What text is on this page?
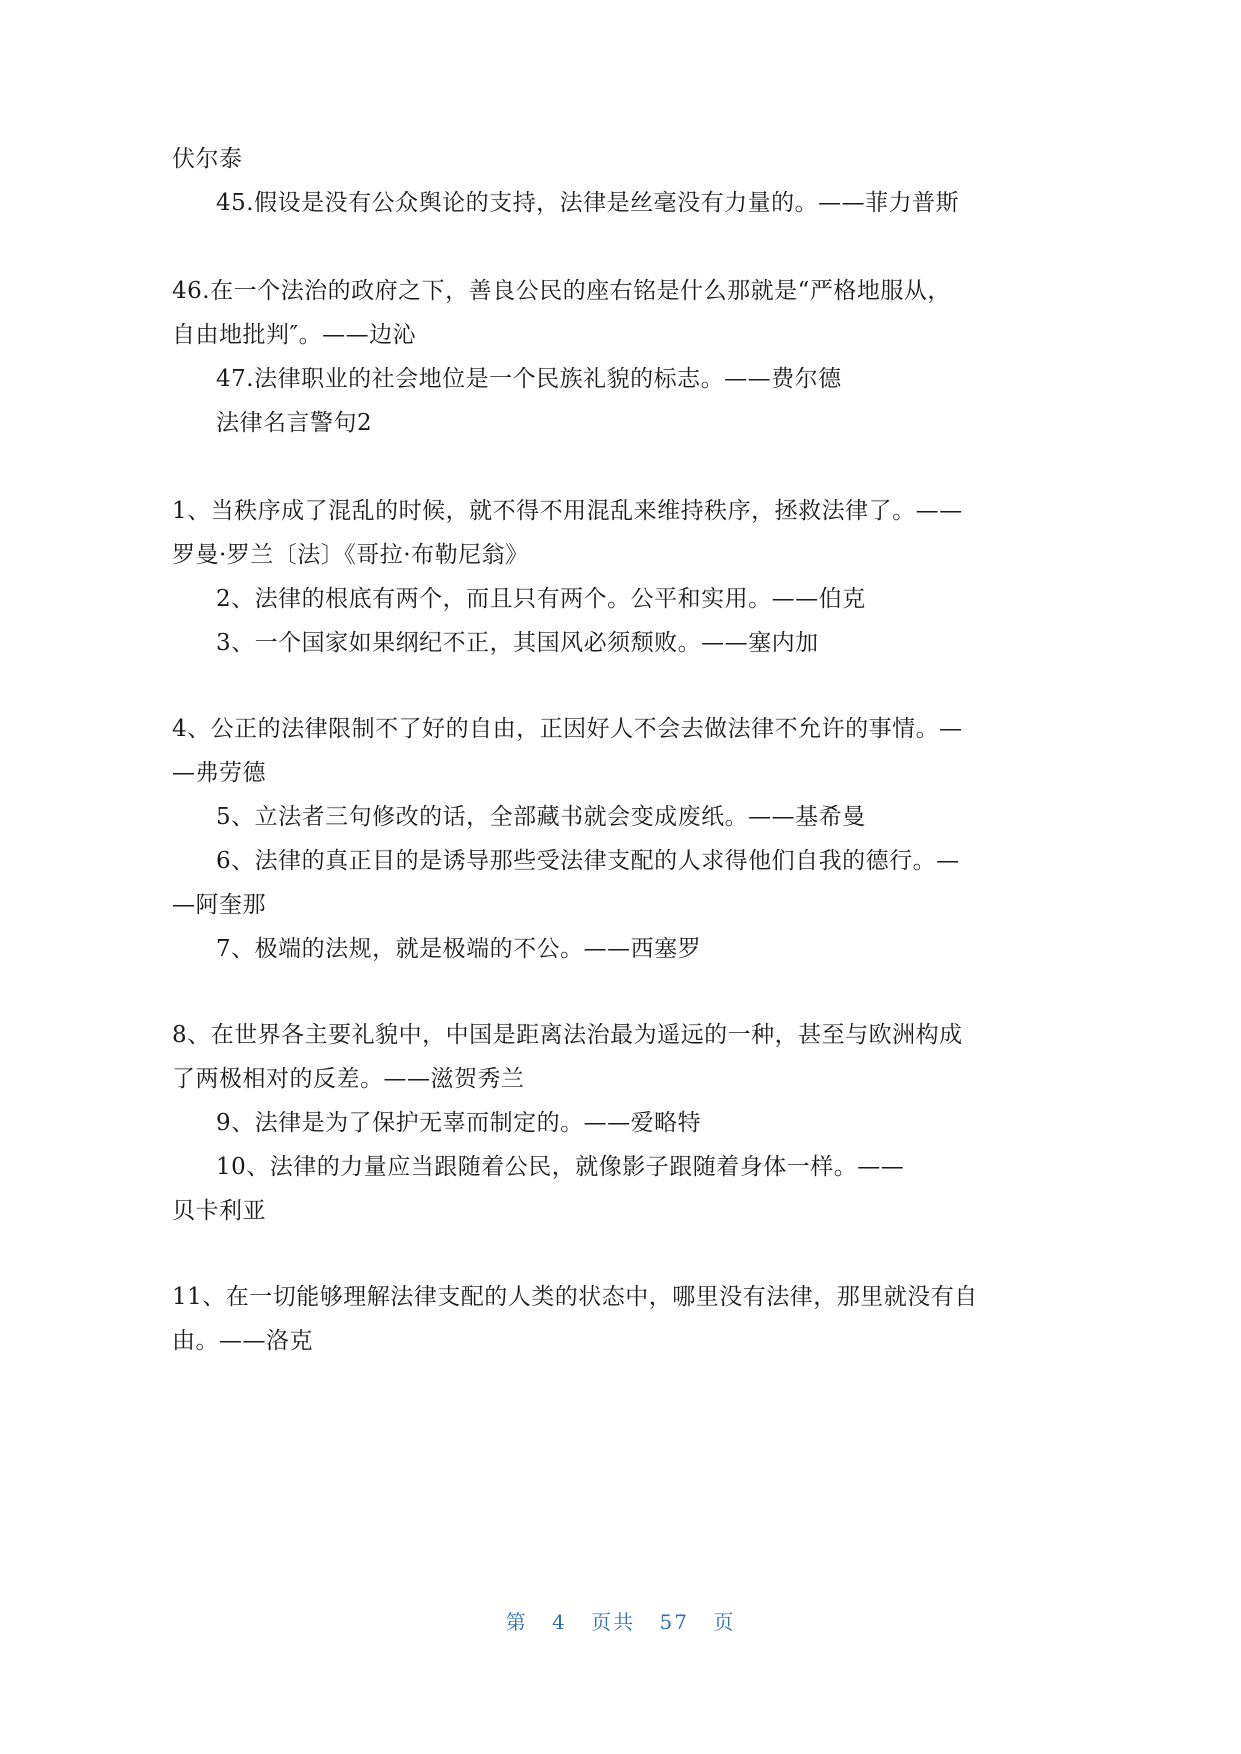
伏尔泰
45.假设是没有公众舆论的支持，法律是丝毫没有力量的。——菲力普斯
46.在一个法治的政府之下，善良公民的座右铭是什么那就是“严格地服从，
自由地批判″。——边沁
47.法律职业的社会地位是一个民族礼貌的标志。——费尔德
法律名言警句2
1、当秩序成了混乱的时候，就不得不用混乱来维持秩序，拯救法律了。——
罗曼·罗兰〔法〕《哥拉·布勒尼翁》
2、法律的根底有两个，而且只有两个。公平和实用。——伯克
3、一个国家如果纲纪不正，其国风必须颓败。——塞内加
4、公正的法律限制不了好的自由，正因好人不会去做法律不允许的事情。—
—弗劳德
5、立法者三句修改的话，全部藏书就会变成废纸。——基希曼
6、法律的真正目的是诱导那些受法律支配的人求得他们自我的德行。—
—阿奎那
7、极端的法规，就是极端的不公。——西塞罗
8、在世界各主要礼貌中，中国是距离法治最为遥远的一种，甚至与欧洲构成
了两极相对的反差。——滋贺秀兰
9、法律是为了保护无辜而制定的。——爱略特
10、法律的力量应当跟随着公民，就像影子跟随着身体一样。——
贝卡利亚
11、在一切能够理解法律支配的人类的状态中，哪里没有法律，那里就没有自
由。——洛克
第 4 页共 57 页
